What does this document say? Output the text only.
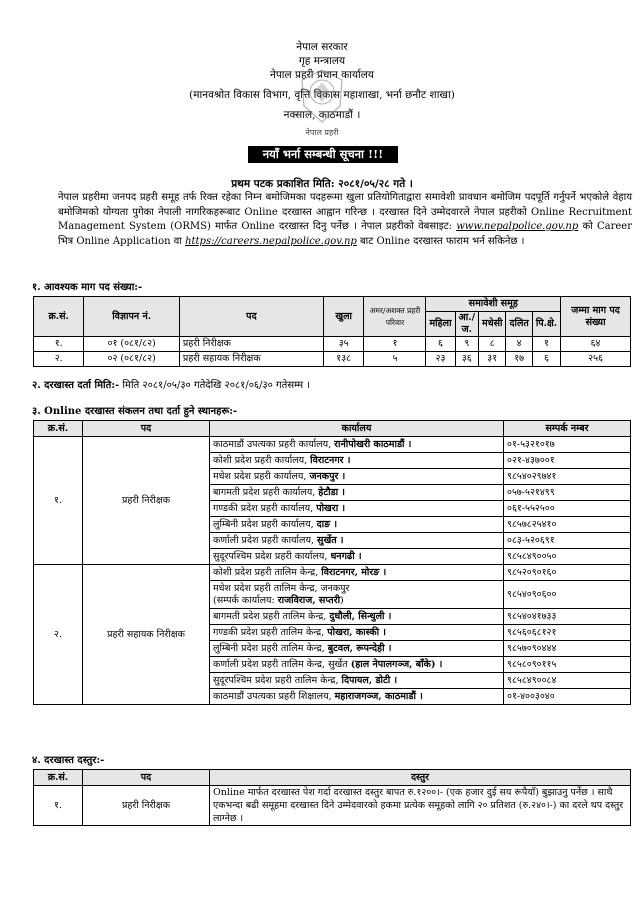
नेपाल सरकार
गृह मन्त्रालय
नेपाल प्रहरी प्रधान कार्यालय
(मानवश्रोत विकास विभाग, वृत्ति विकास महाशाखा, भर्ना छनौट शाखा)
नक्साल, काठमाडौं ।
नेपाल प्रहरी
नयाँ भर्ना सम्बन्धी सूचना !!!
प्रथम पटक प्रकाशित मिति: २०८१/०५/२८ गते ।
नेपाल प्रहरीमा जनपद प्रहरी समूह तर्फ रिक्त रहेका निम्न बमोजिमका पदहरूमा खुला प्रतियोगिताद्वारा समावेशी प्रावधान बमोजिम पदपूर्ति गर्नुपर्ने भएकोले वेहाय बमोजिमको योग्यता पुगेका नेपाली नागरिकहरूबाट Online दरखास्त आह्वान गरिन्छ । दरखास्त दिने उम्मेदवारले नेपाल प्रहरीको Online Recruitment Management System (ORMS) मार्फत Online दरखास्त दिनु पर्नेछ । नेपाल प्रहरीको वेबसाइट: www.nepalpolice.gov.np को Career भित्र Online Application वा https://careers.nepalpolice.gov.np बाट Online दरखास्त फाराम भर्न सकिनेछ ।
१. आवश्यक माग पद संख्या:-
क्र.सं.	विज्ञापन नं.	पद	खुला	अमर/अशक्त प्रहरी परिवार	समावेशी समूह					जम्मा माग पद संख्या
					महिला	आ./ज.	मधेसी	दलित	पि.क्षे.	
१.	०१ (०८१/८२)	प्रहरी निरीक्षक	३५	१	६	९	८	४	१	६४
२.	०२ (०८१/८२)	प्रहरी सहायक निरीक्षक	१३८	५	२३	३६	३१	१७	६	२५६
२. दरखास्त दर्ता मिति:- मिति २०८१/०५/३० गतेदेखि २०८१/०६/३० गतेसम्म ।
३. Online दरखास्त संकलन तथा दर्ता हुने स्थानहरू:-
क्र.सं.	पद	कार्यालय	सम्पर्क नम्बर
१.	प्रहरी निरीक्षक	काठमाडौं उपत्यका प्रहरी कार्यालय, रानीपोखरी काठमाडौं ।	०१-५३२१०१७
		कोशी प्रदेश प्रहरी कार्यालय, विराटनगर ।	०२१-४३७००१
		मधेश प्रदेश प्रहरी कार्यालय, जनकपुर ।	९८५४०२९७४१
		बागमती प्रदेश प्रहरी कार्यालय, हेटौडा ।	०५७-५२१४९९
		गण्डकी प्रदेश प्रहरी कार्यालय, पोखरा ।	०६१-५५२५००
		लुम्बिनी प्रदेश प्रहरी कार्यालय, दाङ ।	९८५७८२५४१०
		कर्णाली प्रदेश प्रहरी कार्यालय, सुर्खेत ।	०८३-५२०६९१
		सुदूरपश्चिम प्रदेश प्रहरी कार्यालय, धनगढी ।	९८५८४९००५०
२.	प्रहरी सहायक निरीक्षक	कोशी प्रदेश प्रहरी तालिम केन्द्र, विराटनगर, मोरङ ।	९८५२०९०१६०
		मधेश प्रदेश प्रहरी तालिम केन्द्र, जनकपुर
(सम्पर्क कार्यालय: राजविराज, सप्तरी)	९८५४०९०६००
		बागमती प्रदेश प्रहरी तालिम केन्द्र, दुधौली, सिन्धुली ।	९८५४०४१७३३
		गण्डकी प्रदेश प्रहरी तालिम केन्द्र, पोखरा, कास्की ।	९८५६०६८१२१
		लुम्बिनी प्रदेश प्रहरी तालिम केन्द्र, बुटवल, रूपन्देही ।	९८५७०९०४४४
		कर्णाली प्रदेश प्रहरी तालिम केन्द्र, सुर्खेत (हाल नेपालगञ्ज, बाँके) ।	९८५८०९०११५
		सुदूरपश्चिम प्रदेश प्रहरी तालिम केन्द्र, दिपायल, डोटी ।	९८५८४९००८४
		काठमाडौं उपत्यका प्रहरी शिक्षालय, महाराजगञ्ज, काठमाडौं ।	०१-४००३०४०
४. दरखास्त दस्तुर:-
क्र.सं.	पद	दस्तुर
१.	प्रहरी निरीक्षक	Online मार्फत दरखास्त पेश गर्दा दरखास्त दस्तुर बापत रु.१२००।- (एक हजार दुई सय रूपैयाँ) बुझाउनु पर्नेछ । साथै एकभन्दा बढी समूहमा दरखास्त दिने उम्मेदवारको हकमा प्रत्येक समूहको लागि २० प्रतिशत (रु.२४०।-) का दरले थप दस्तुर लाग्नेछ ।
